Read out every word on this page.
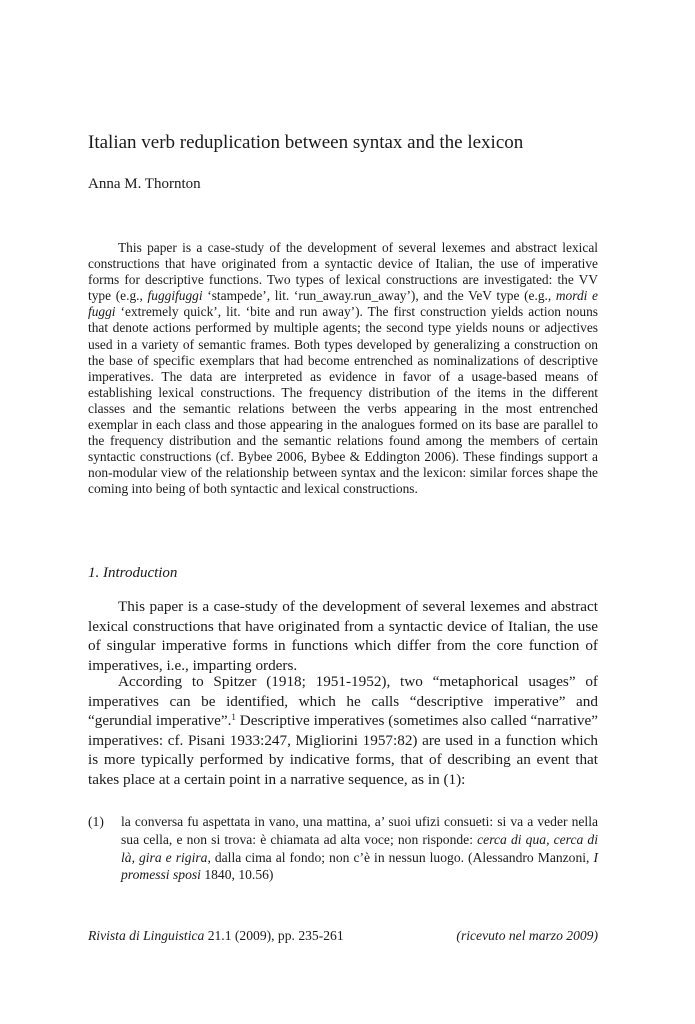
Italian verb reduplication between syntax and the lexicon
Anna M. Thornton

This paper is a case-study of the development of several lexemes and abstract lexical constructions that have originated from a syntactic device of Italian, the use of imperative forms for descriptive functions. Two types of lexical constructions are investigated: the VV type (e.g., fuggifuggi ‘stampede’, lit. ‘run_away.run_away’), and the VeV type (e.g., mordi e fuggi ‘extremely quick’, lit. ‘bite and run away’). The first construction yields action nouns that denote actions performed by multiple agents; the second type yields nouns or adjectives used in a variety of semantic frames. Both types developed by generalizing a construction on the base of specific exemplars that had become entrenched as nominalizations of descriptive imperatives. The data are interpreted as evidence in favor of a usage-based means of establishing lexical constructions. The frequency distribution of the items in the different classes and the semantic relations between the verbs appearing in the most entrenched exemplar in each class and those appearing in the analogues formed on its base are parallel to the frequency distribution and the semantic relations found among the members of certain syntactic constructions (cf. Bybee 2006, Bybee & Eddington 2006). These findings support a non-modular view of the relationship between syntax and the lexicon: similar forces shape the coming into being of both syntactic and lexical constructions.

1. Introduction

This paper is a case-study of the development of several lexemes and abstract lexical constructions that have originated from a syntactic device of Italian, the use of singular imperative forms in functions which differ from the core function of imperatives, i.e., imparting orders.

According to Spitzer (1918; 1951-1952), two “metaphorical usages” of imperatives can be identified, which he calls “descriptive imperative” and “gerundial imperative”.$^1$ Descriptive imperatives (sometimes also called “narrative” imperatives: cf. Pisani 1933:247, Migliorini 1957:82) are used in a function which is more typically performed by indicative forms, that of describing an event that takes place at a certain point in a narrative sequence, as in (1):

(1) la conversa fu aspettata in vano, una mattina, a’ suoi ufizi consueti: si va a veder nella sua cella, e non si trova: è chiamata ad alta voce; non risponde: cerca di qua, cerca di là, gira e rigira, dalla cima al fondo; non c’è in nessun luogo. (Alessandro Manzoni, I promessi sposi 1840, 10.56)
Rivista di Linguistica 21.1 (2009), pp. 235-261	(ricevuto nel marzo 2009)
